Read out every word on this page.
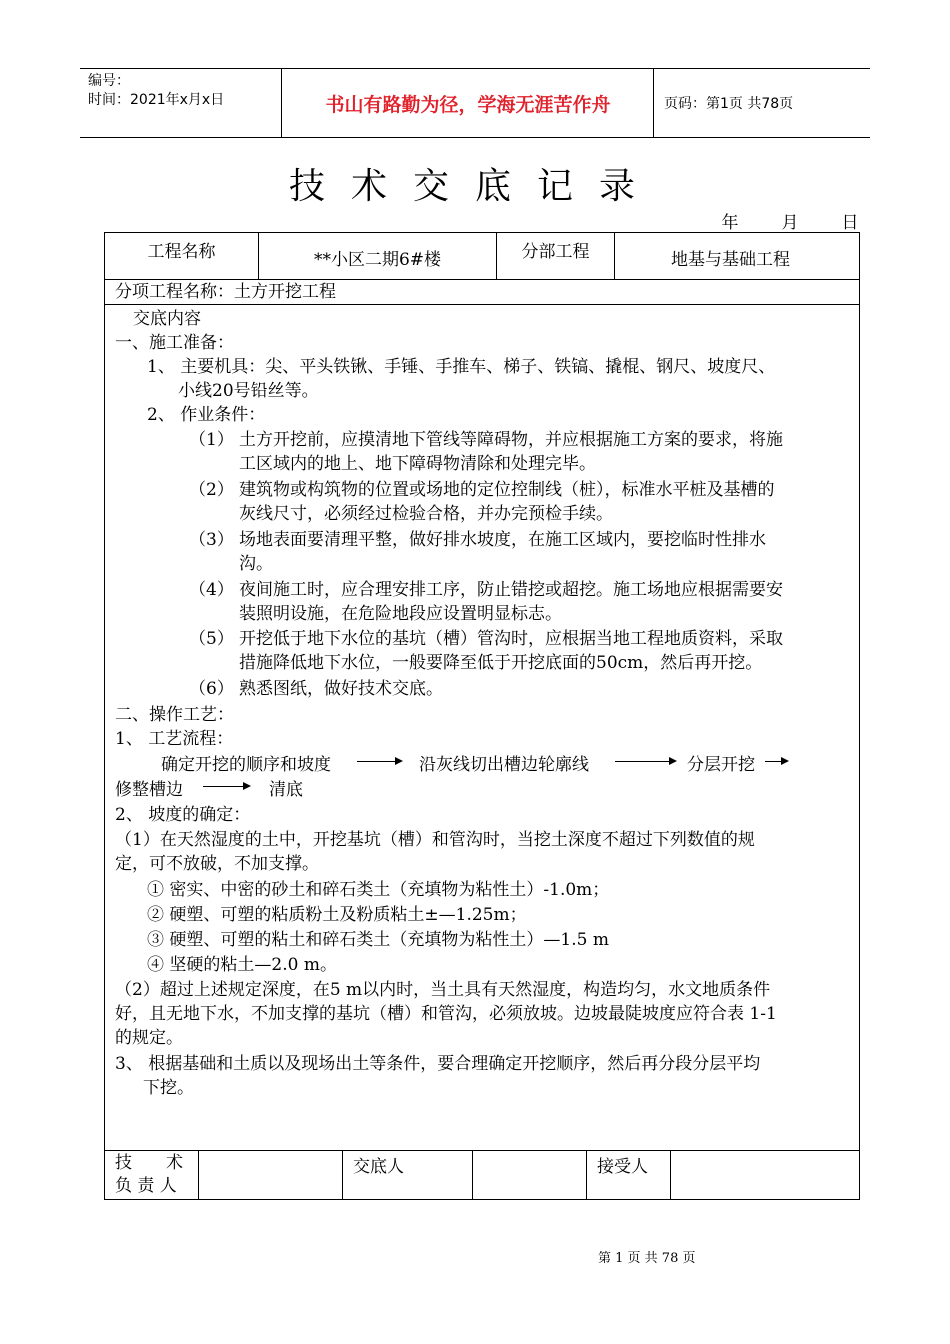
编号：
时间：2021年x月x日	书山有路勤为径，学海无涯苦作舟	页码：第1页 共78页
技术交底记录
年	月	日
工程名称	**小区二期6#楼	分部工程	地基与基础工程
分项工程名称：土方开挖工程
交底内容
一、施工准备：
1、 主要机具：尖、平头铁锹、手锤、手推车、梯子、铁镐、撬棍、钢尺、坡度尺、
小线20号铅丝等。
2、 作业条件：
（1） 土方开挖前，应摸清地下管线等障碍物，并应根据施工方案的要求，将施
工区域内的地上、地下障碍物清除和处理完毕。
（2） 建筑物或构筑物的位置或场地的定位控制线（桩），标准水平桩及基槽的
灰线尺寸，必须经过检验合格，并办完预检手续。
（3） 场地表面要清理平整，做好排水坡度，在施工区域内，要挖临时性排水
沟。
（4） 夜间施工时，应合理安排工序，防止错挖或超挖。施工场地应根据需要安
装照明设施，在危险地段应设置明显标志。
（5） 开挖低于地下水位的基坑（槽）管沟时，应根据当地工程地质资料，采取
措施降低地下水位，一般要降至低于开挖底面的50cm，然后再开挖。
（6） 熟悉图纸，做好技术交底。
二、操作工艺：
1、 工艺流程：
确定开挖的顺序和坡度	沿灰线切出槽边轮廓线	分层开挖
修整槽边	清底
2、 坡度的确定：
（1）在天然湿度的土中，开挖基坑（槽）和管沟时，当挖土深度不超过下列数值的规
定，可不放破，不加支撑。
① 密实、中密的砂土和碎石类土（充填物为粘性土）-1.0m；
② 硬塑、可塑的粘质粉土及粉质粘土±—1.25m；
③ 硬塑、可塑的粘土和碎石类土（充填物为粘性土）—1.5 m
④ 坚硬的粘土—2.0 m。
（2）超过上述规定深度，在5 m以内时，当土具有天然湿度，构造均匀，水文地质条件
好，且无地下水，不加支撑的基坑（槽）和管沟，必须放坡。边坡最陡坡度应符合表 1-1
的规定。
3、 根据基础和土质以及现场出土等条件，要合理确定开挖顺序，然后再分段分层平均
下挖。
技　　术
负 责 人
交底人	接受人
第 1 页 共 78 页
